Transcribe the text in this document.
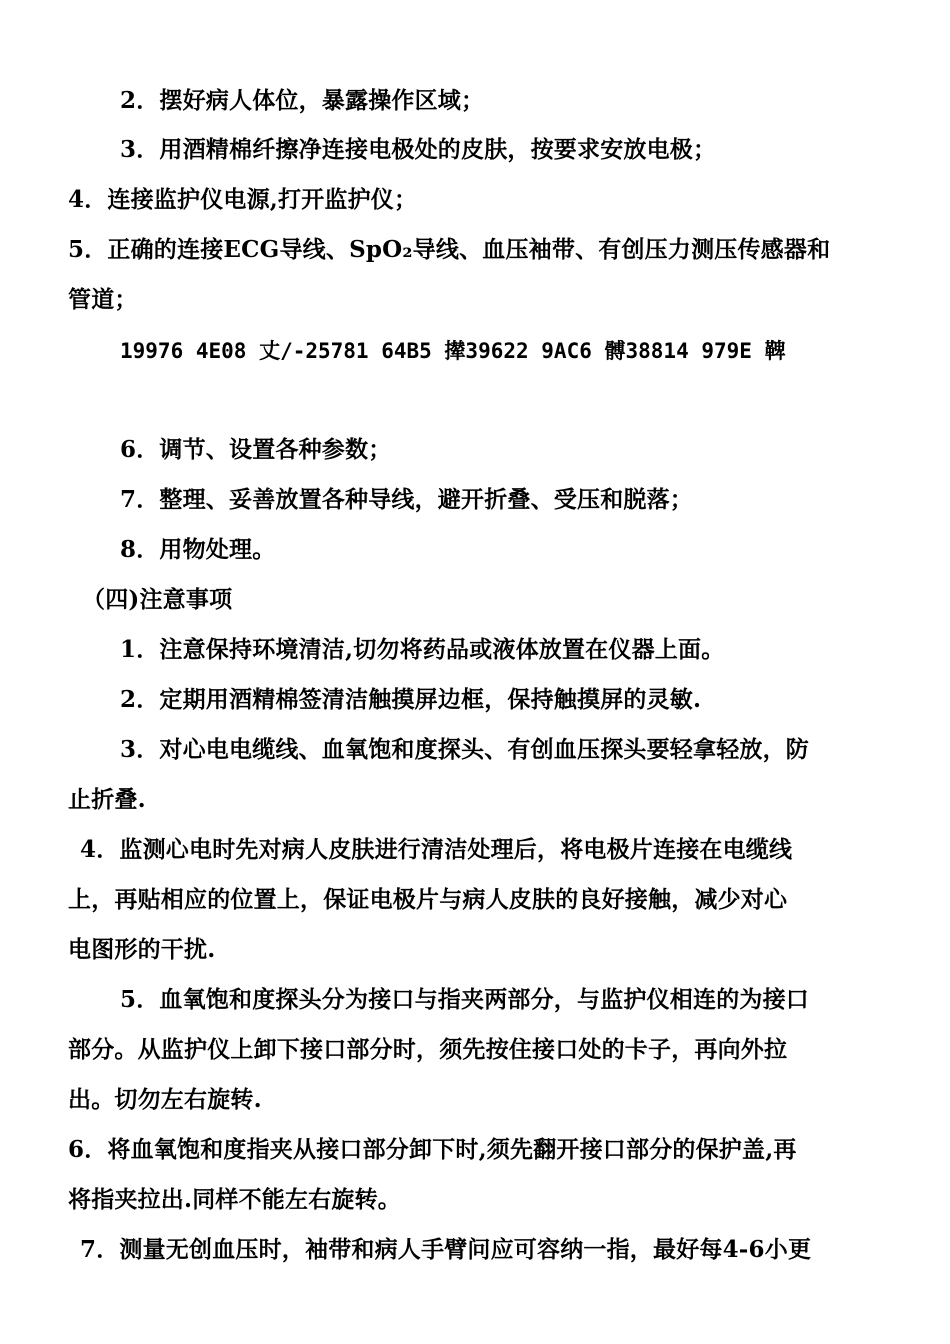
2．摆好病人体位，暴露操作区域；
3．用酒精棉纤擦净连接电极处的皮肤，按要求安放电极；
4．连接监护仪电源,打开监护仪；
5．正确的连接ECG导线、SpO₂导线、血压袖带、有创压力测压传感器和
管道；
19976 4E08 丈/-25781 64B5 撵39622 9AC6 髆38814 979E 鞞
6．调节、设置各种参数；
7．整理、妥善放置各种导线，避开折叠、受压和脱落；
8．用物处理。
（四)注意事项
1．注意保持环境清洁,切勿将药品或液体放置在仪器上面。
2．定期用酒精棉签清洁触摸屏边框，保持触摸屏的灵敏.
3．对心电电缆线、血氧饱和度探头、有创血压探头要轻拿轻放，防
止折叠.
4．监测心电时先对病人皮肤进行清洁处理后，将电极片连接在电缆线
上，再贴相应的位置上，保证电极片与病人皮肤的良好接触，减少对心
电图形的干扰.
5．血氧饱和度探头分为接口与指夹两部分，与监护仪相连的为接口
部分。从监护仪上卸下接口部分时，须先按住接口处的卡子，再向外拉
出。切勿左右旋转.
6．将血氧饱和度指夹从接口部分卸下时,须先翻开接口部分的保护盖,再
将指夹拉出.同样不能左右旋转。
7．测量无创血压时，袖带和病人手臂问应可容纳一指，最好每4-6小更
